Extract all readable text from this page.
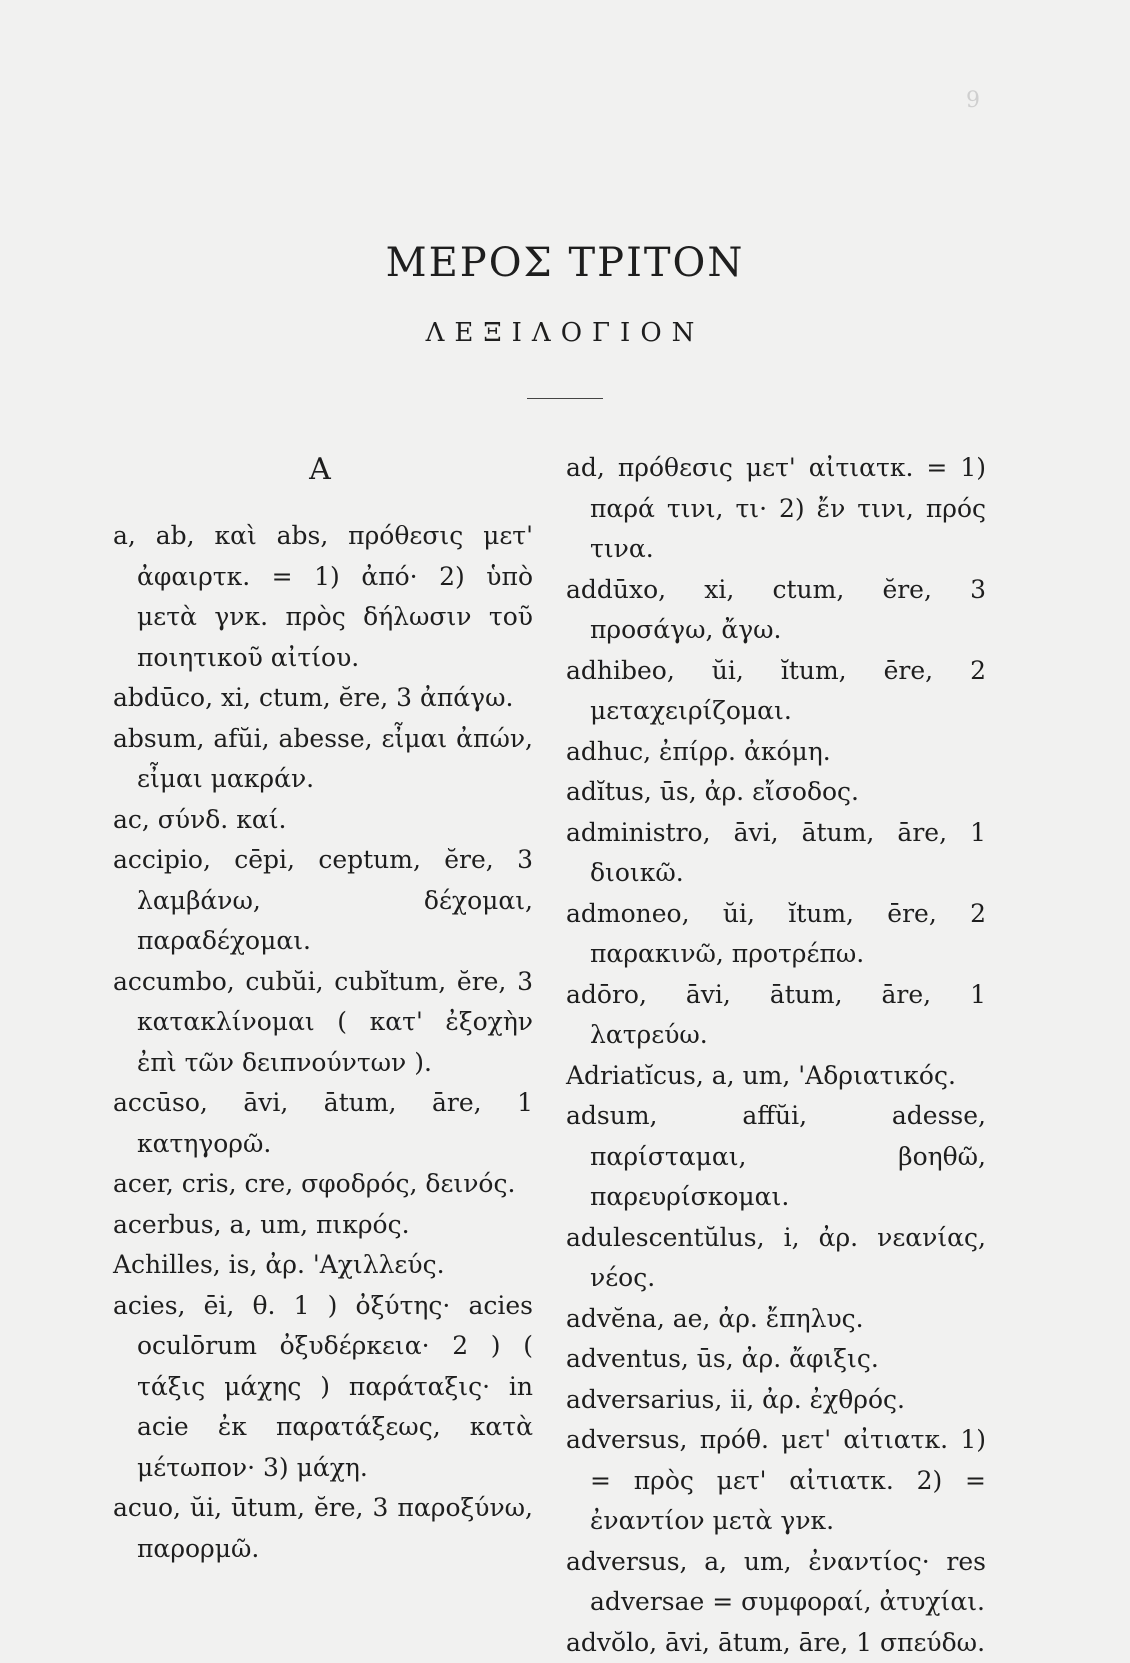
9
ΜΕΡΟΣ ΤΡΙΤΟΝ
ΛΕΞΙΛΟΓΙΟΝ
A

a, ab, καὶ abs, πρόθεσις μετ' ἀφαιρτκ. = 1) ἀπό· 2) ὑπὸ μετὰ γνκ. πρὸς δήλωσιν τοῦ ποιητικοῦ αἰτίου.

abdūco, xi, ctum, ĕre, 3 ἀπάγω.

absum, afŭi, abesse, εἶμαι ἀπών, εἶμαι μακράν.

ac, σύνδ. καί.

accipio, cēpi, ceptum, ĕre, 3 λαμβάνω, δέχομαι, παραδέχομαι.

accumbo, cubŭi, cubĭtum, ĕre, 3 κατακλίνομαι ( κατ' ἐξοχὴν ἐπὶ τῶν δειπνούντων ).

accūso, āvi, ātum, āre, 1 κατηγορῶ.

acer, cris, cre, σφοδρός, δεινός.

acerbus, a, um, πικρός.

Achilles, is, ἀρ. 'Αχιλλεύς.

acies, ēi, θ. 1 ) ὀξύτης· acies oculōrum ὀξυδέρκεια· 2 ) ( τάξις μάχης ) παράταξις· in acie ἐκ παρατάξεως, κατὰ μέτωπον· 3) μάχη.

acuo, ŭi, ūtum, ĕre, 3 παροξύνω, παρορμῶ.

ad, πρόθεσις μετ' αἰτιατκ. = 1) παρά τινι, τι· 2) ἔν τινι, πρός τινα.

addūxo, xi, ctum, ĕre, 3 προσάγω, ἄγω.

adhibeo, ŭi, ĭtum, ēre, 2 μεταχειρίζομαι.

adhuc, ἐπίρρ. ἀκόμη.

adĭtus, ūs, ἀρ. εἴσοδος.

administro, āvi, ātum, āre, 1 διοικῶ.

admoneo, ŭi, ĭtum, ēre, 2 παρακινῶ, προτρέπω.

adōro, āvi, ātum, āre, 1 λατρεύω.

Adriatĭcus, a, um, 'Αδριατικός.

adsum, affŭi, adesse, παρίσταμαι, βοηθῶ, παρευρίσκομαι.

adulescentŭlus, i, ἀρ. νεανίας, νέος.

advĕna, ae, ἀρ. ἔπηλυς.

adventus, ūs, ἀρ. ἄφιξις.

adversarius, ii, ἀρ. ἐχθρός.

adversus, πρόθ. μετ' αἰτιατκ. 1) = πρὸς μετ' αἰτιατκ. 2) = ἐναντίον μετὰ γνκ.

adversus, a, um, ἐναντίος· res adversae = συμφοραί, ἀτυχίαι.

advŏlo, āvi, ātum, āre, 1 σπεύδω.
